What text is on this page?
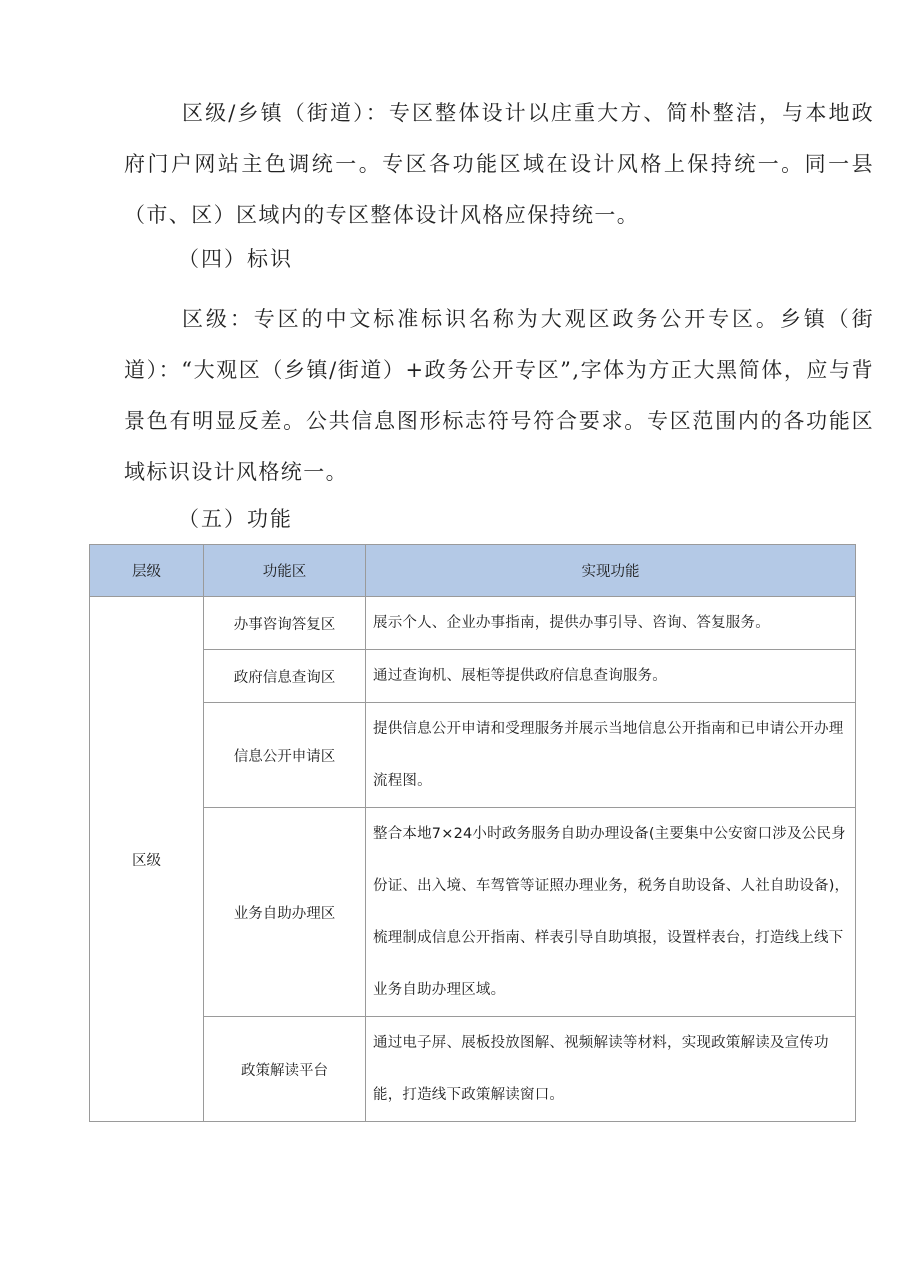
区级/乡镇（街道）：专区整体设计以庄重大方、简朴整洁，与本地政府门户网站主色调统一。专区各功能区域在设计风格上保持统一。同一县（市、区）区域内的专区整体设计风格应保持统一。

（四）标识

区级：专区的中文标准标识名称为大观区政务公开专区。乡镇（街道）：“大观区（乡镇/街道）+政务公开专区”,字体为方正大黑简体，应与背景色有明显反差。公共信息图形标志符号符合要求。专区范围内的各功能区域标识设计风格统一。

（五）功能

层级	功能区	实现功能
区级	办事咨询答复区	展示个人、企业办事指南，提供办事引导、咨询、答复服务。
	政府信息查询区	通过查询机、展柜等提供政府信息查询服务。
	信息公开申请区	提供信息公开申请和受理服务并展示当地信息公开指南和已申请公开办理流程图。
	业务自助办理区	整合本地7×24小时政务服务自助办理设备(主要集中公安窗口涉及公民身份证、出入境、车驾管等证照办理业务，税务自助设备、人社自助设备)，梳理制成信息公开指南、样表引导自助填报，设置样表台，打造线上线下业务自助办理区域。
	政策解读平台	通过电子屏、展板投放图解、视频解读等材料，实现政策解读及宣传功能，打造线下政策解读窗口。
